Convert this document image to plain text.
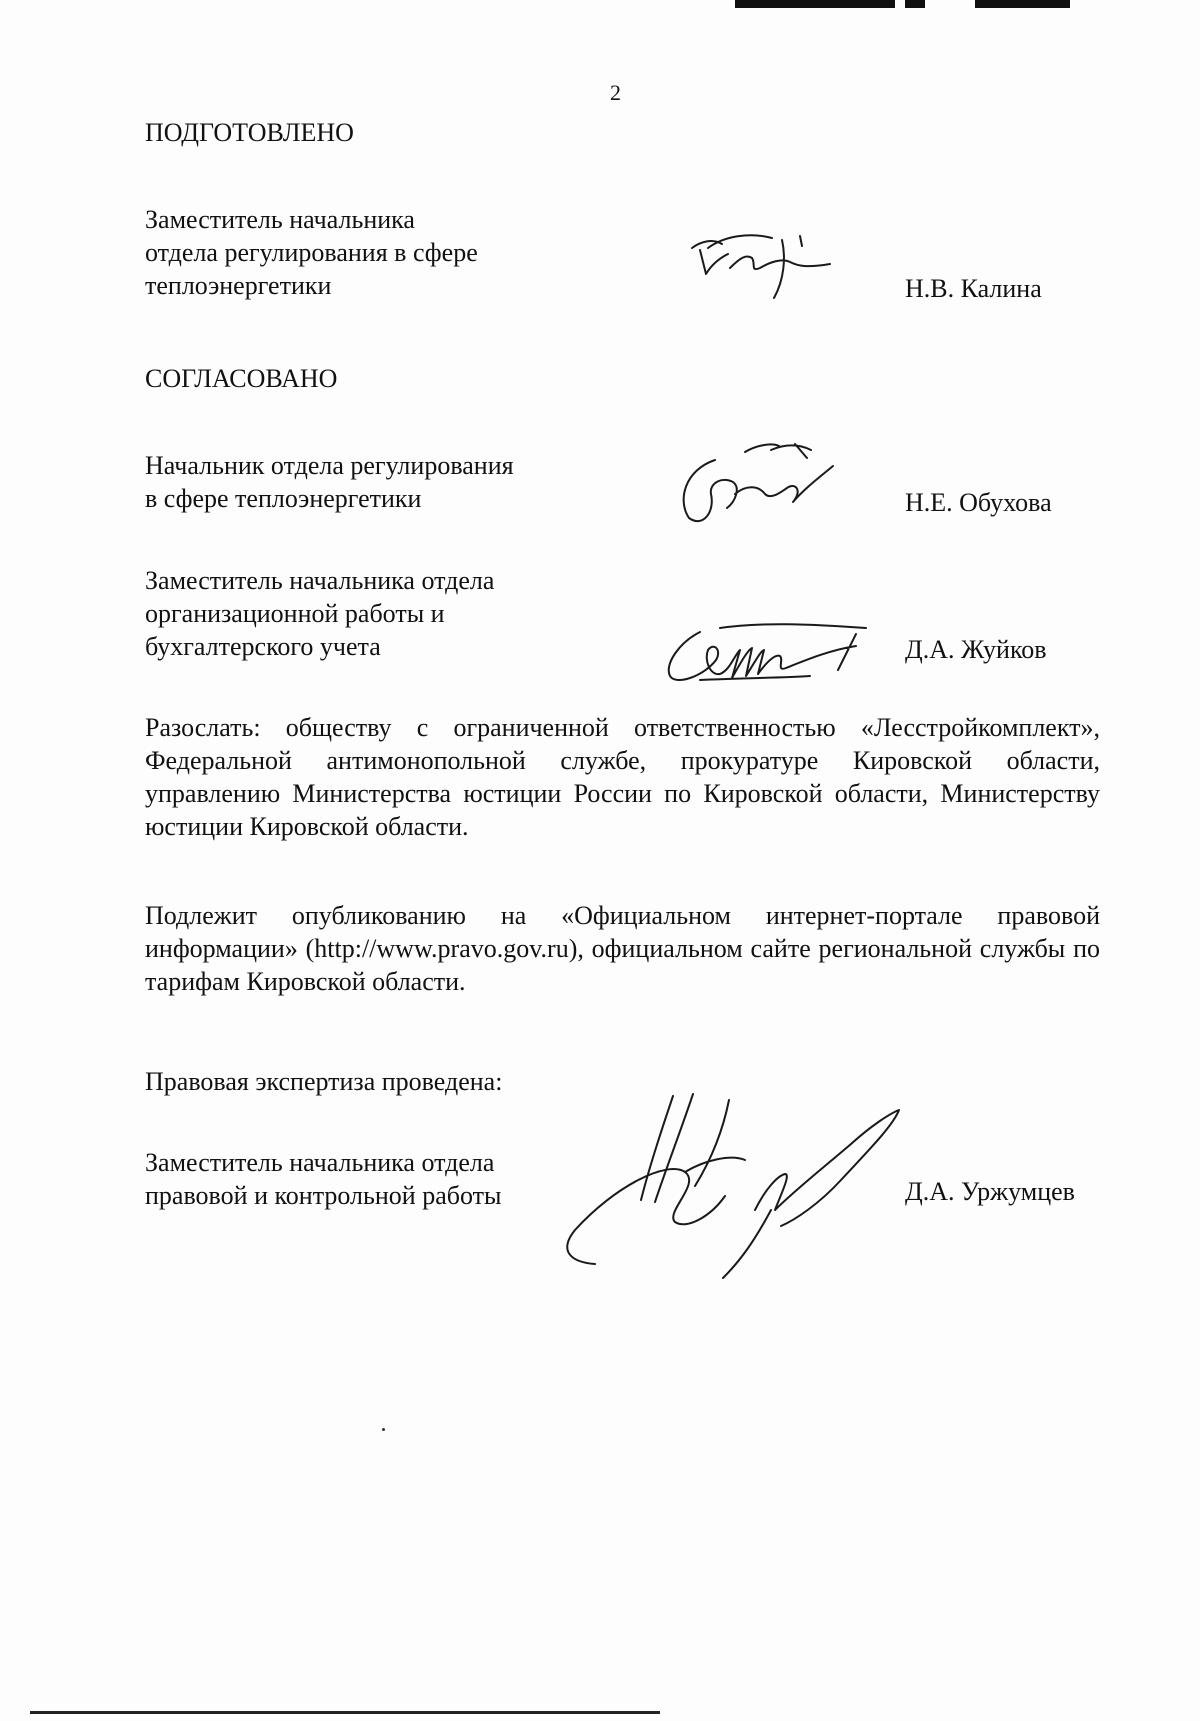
2
ПОДГОТОВЛЕНО
Заместитель начальника
отдела регулирования в сфере
теплоэнергетики	Н.В. Калина
СОГЛАСОВАНО
Начальник отдела регулирования
в сфере теплоэнергетики	Н.Е. Обухова
Заместитель начальника отдела
организационной работы и
бухгалтерского учета	Д.А. Жуйков
Разослать: обществу с ограниченной ответственностью «Лесстройкомплект», Федеральной антимонопольной службе, прокуратуре Кировской области, управлению Министерства юстиции России по Кировской области, Министерству юстиции Кировской области.
Подлежит опубликованию на «Официальном интернет-портале правовой информации» (http://www.pravo.gov.ru), официальном сайте региональной службы по тарифам Кировской области.
Правовая экспертиза проведена:
Заместитель начальника отдела
правовой и контрольной работы	Д.А. Уржумцев
